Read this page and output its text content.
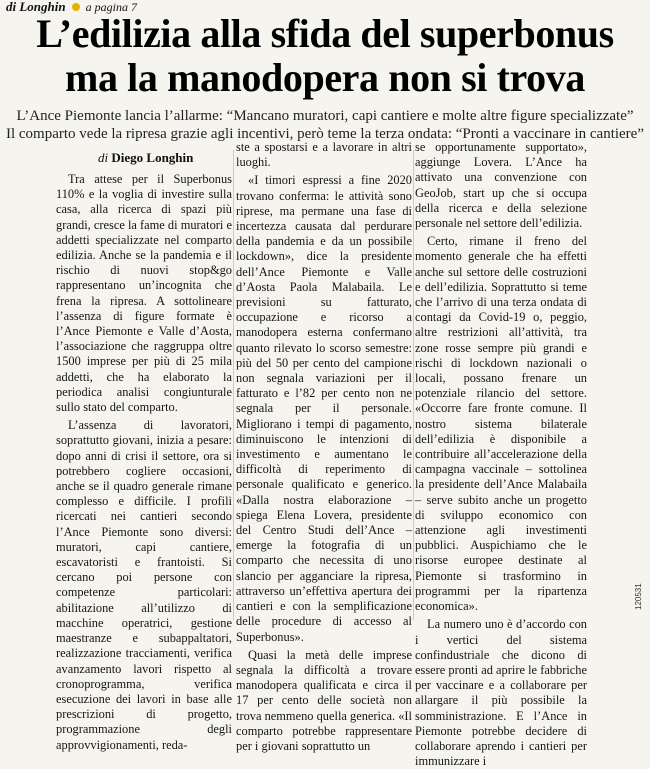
di Longhin a pagina 7
L’edilizia alla sfida del superbonus
ma la manodopera non si trova
L’Ance Piemonte lancia l’allarme: “Mancano muratori, capi cantiere e molte altre figure specializzate”
Il comparto vede la ripresa grazie agli incentivi, però teme la terza ondata: “Pronti a vaccinare in cantiere”
di Diego Longhin

Tra attese per il Superbonus 110% e la voglia di investire sulla casa, alla ricerca di spazi più grandi, cresce la fame di muratori e addetti specializzate nel comparto edilizia. Anche se la pandemia e il rischio di nuovi stop&go rappresentano un’incognita che frena la ripresa. A sottolineare l’assenza di figure formate è l’Ance Piemonte e Valle d’Aosta, l’associazione che raggruppa oltre 1500 imprese per più di 25 mila addetti, che ha elaborato la periodica analisi congiunturale sullo stato del comparto.

L’assenza di lavoratori, soprattutto giovani, inizia a pesare: dopo anni di crisi il settore, ora si potrebbero cogliere occasioni, anche se il quadro generale rimane complesso e difficile. I profili ricercati nei cantieri secondo l’Ance Piemonte sono diversi: muratori, capi cantiere, escavatoristi e frantoisti. Si cercano poi persone con competenze particolari: abilitazione all’utilizzo di macchine operatrici, gestione maestranze e subappaltatori, realizzazione tracciamenti, verifica avanzamento lavori rispetto al cronoprogramma, verifica esecuzione dei lavori in base alle prescrizioni di progetto, programmazione degli approvvigionamenti, reda-

ste a spostarsi e a lavorare in altri luoghi.

«I timori espressi a fine 2020 trovano conferma: le attività sono riprese, ma permane una fase di incertezza causata dal perdurare della pandemia e da un possibile lockdown», dice la presidente dell’Ance Piemonte e Valle d’Aosta Paola Malabaila. Le previsioni su fatturato, occupazione e ricorso a manodopera esterna confermano quanto rilevato lo scorso semestre: più del 50 per cento del campione non segnala variazioni per il fatturato e l’82 per cento non ne segnala per il personale. Migliorano i tempi di pagamento, diminuiscono le intenzioni di investimento e aumentano le difficoltà di reperimento di personale qualificato e generico. «Dalla nostra elaborazione – spiega Elena Lovera, presidente del Centro Studi dell’Ance – emerge la fotografia di un comparto che necessita di uno slancio per agganciare la ripresa, attraverso un’effettiva apertura dei cantieri e con la semplificazione delle procedure di accesso al Superbonus».

Quasi la metà delle imprese segnala la difficoltà a trovare manodopera qualificata e circa il 17 per cento delle società non trova nemmeno quella generica. «Il comparto potrebbe rappresentare per i giovani soprattutto un

se opportunamente supportato», aggiunge Lovera. L’Ance ha attivato una convenzione con GeoJob, start up che si occupa della ricerca e della selezione personale nel settore dell’edilizia.

Certo, rimane il freno del momento generale che ha effetti anche sul settore delle costruzioni e dell’edilizia. Soprattutto si teme che l’arrivo di una terza ondata di contagi da Covid-19 o, peggio, altre restrizioni all’attività, tra zone rosse sempre più grandi e rischi di lockdown nazionali o locali, possano frenare un potenziale rilancio del settore. «Occorre fare fronte comune. Il nostro sistema bilaterale dell’edilizia è disponibile a contribuire all’accelerazione della campagna vaccinale – sottolinea la presidente dell’Ance Malabaila – serve subito anche un progetto di sviluppo economico con attenzione agli investimenti pubblici. Auspichiamo che le risorse europee destinate al Piemonte si trasformino in programmi per la ripartenza economica».

La numero uno è d’accordo con i vertici del sistema confindustriale che dicono di essere pronti ad aprire le fabbriche per vaccinare e a collaborare per allargare il più possibile la somministrazione. E l’Ance in Piemonte potrebbe decidere di collaborare aprendo i cantieri per immunizzare i

120531
